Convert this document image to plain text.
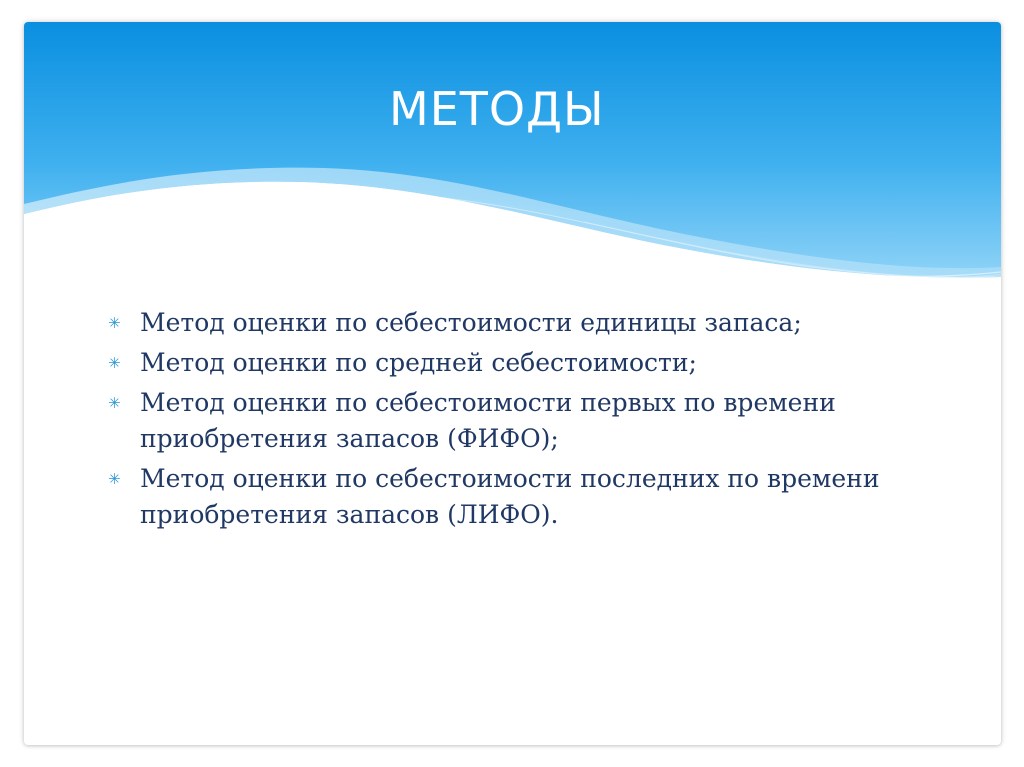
МЕТОДЫ
✳ Метод оценки по себестоимости единицы запаса;
✳ Метод оценки по средней себестоимости;
✳ Метод оценки по себестоимости первых по времени приобретения запасов (ФИФО);
✳ Метод оценки по себестоимости последних по времени приобретения запасов (ЛИФО).
